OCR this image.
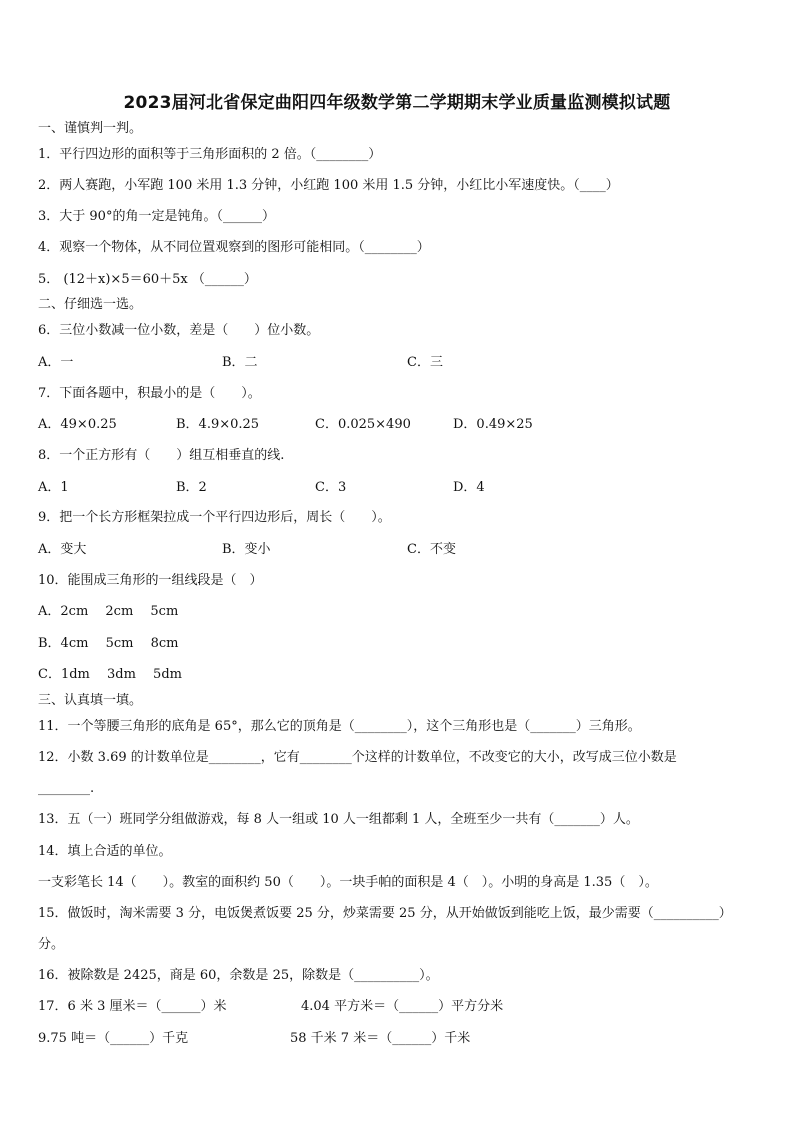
2023届河北省保定曲阳四年级数学第二学期期末学业质量监测模拟试题
一、谨慎判一判。
1．平行四边形的面积等于三角形面积的 2 倍。（________）
2．两人赛跑，小军跑 100 米用 1.3 分钟，小红跑 100 米用 1.5 分钟，小红比小军速度快。（____）
3．大于 90°的角一定是钝角。（______）
4．观察一个物体，从不同位置观察到的图形可能相同。（________）
5． (12＋x)×5＝60＋5x （______）
二、仔细选一选。
6．三位小数减一位小数，差是（　　）位小数。
A．一	B．二	C．三
7．下面各题中，积最小的是（　　）。
A．49×0.25	B．4.9×0.25	C．0.025×490	D．0.49×25
8．一个正方形有（　　）组互相垂直的线.
A．1	B．2	C．3	D．4
9．把一个长方形框架拉成一个平行四边形后，周长（　　）。
A．变大	B．变小	C．不变
10．能围成三角形的一组线段是（　）
A．2cm　 2cm　 5cm
B．4cm　 5cm　 8cm
C．1dm　 3dm　 5dm
三、认真填一填。
11．一个等腰三角形的底角是 65°，那么它的顶角是（________），这个三角形也是（_______）三角形。
12．小数 3.69 的计数单位是________，它有________个这样的计数单位，不改变它的大小，改写成三位小数是
________.
13．五（一）班同学分组做游戏，每 8 人一组或 10 人一组都剩 1 人，全班至少一共有（_______）人。
14．填上合适的单位。
一支彩笔长 14（　　）。教室的面积约 50（　　）。一块手帕的面积是 4（　）。小明的身高是 1.35（　）。
15．做饭时，淘米需要 3 分，电饭煲煮饭要 25 分，炒菜需要 25 分，从开始做饭到能吃上饭，最少需要（__________）
分。
16．被除数是 2425，商是 60，余数是 25，除数是（__________）。
17．6 米 3 厘米＝（______）米	4.04 平方米＝（______）平方分米
9.75 吨＝（______）千克	58 千米 7 米＝（______）千米
